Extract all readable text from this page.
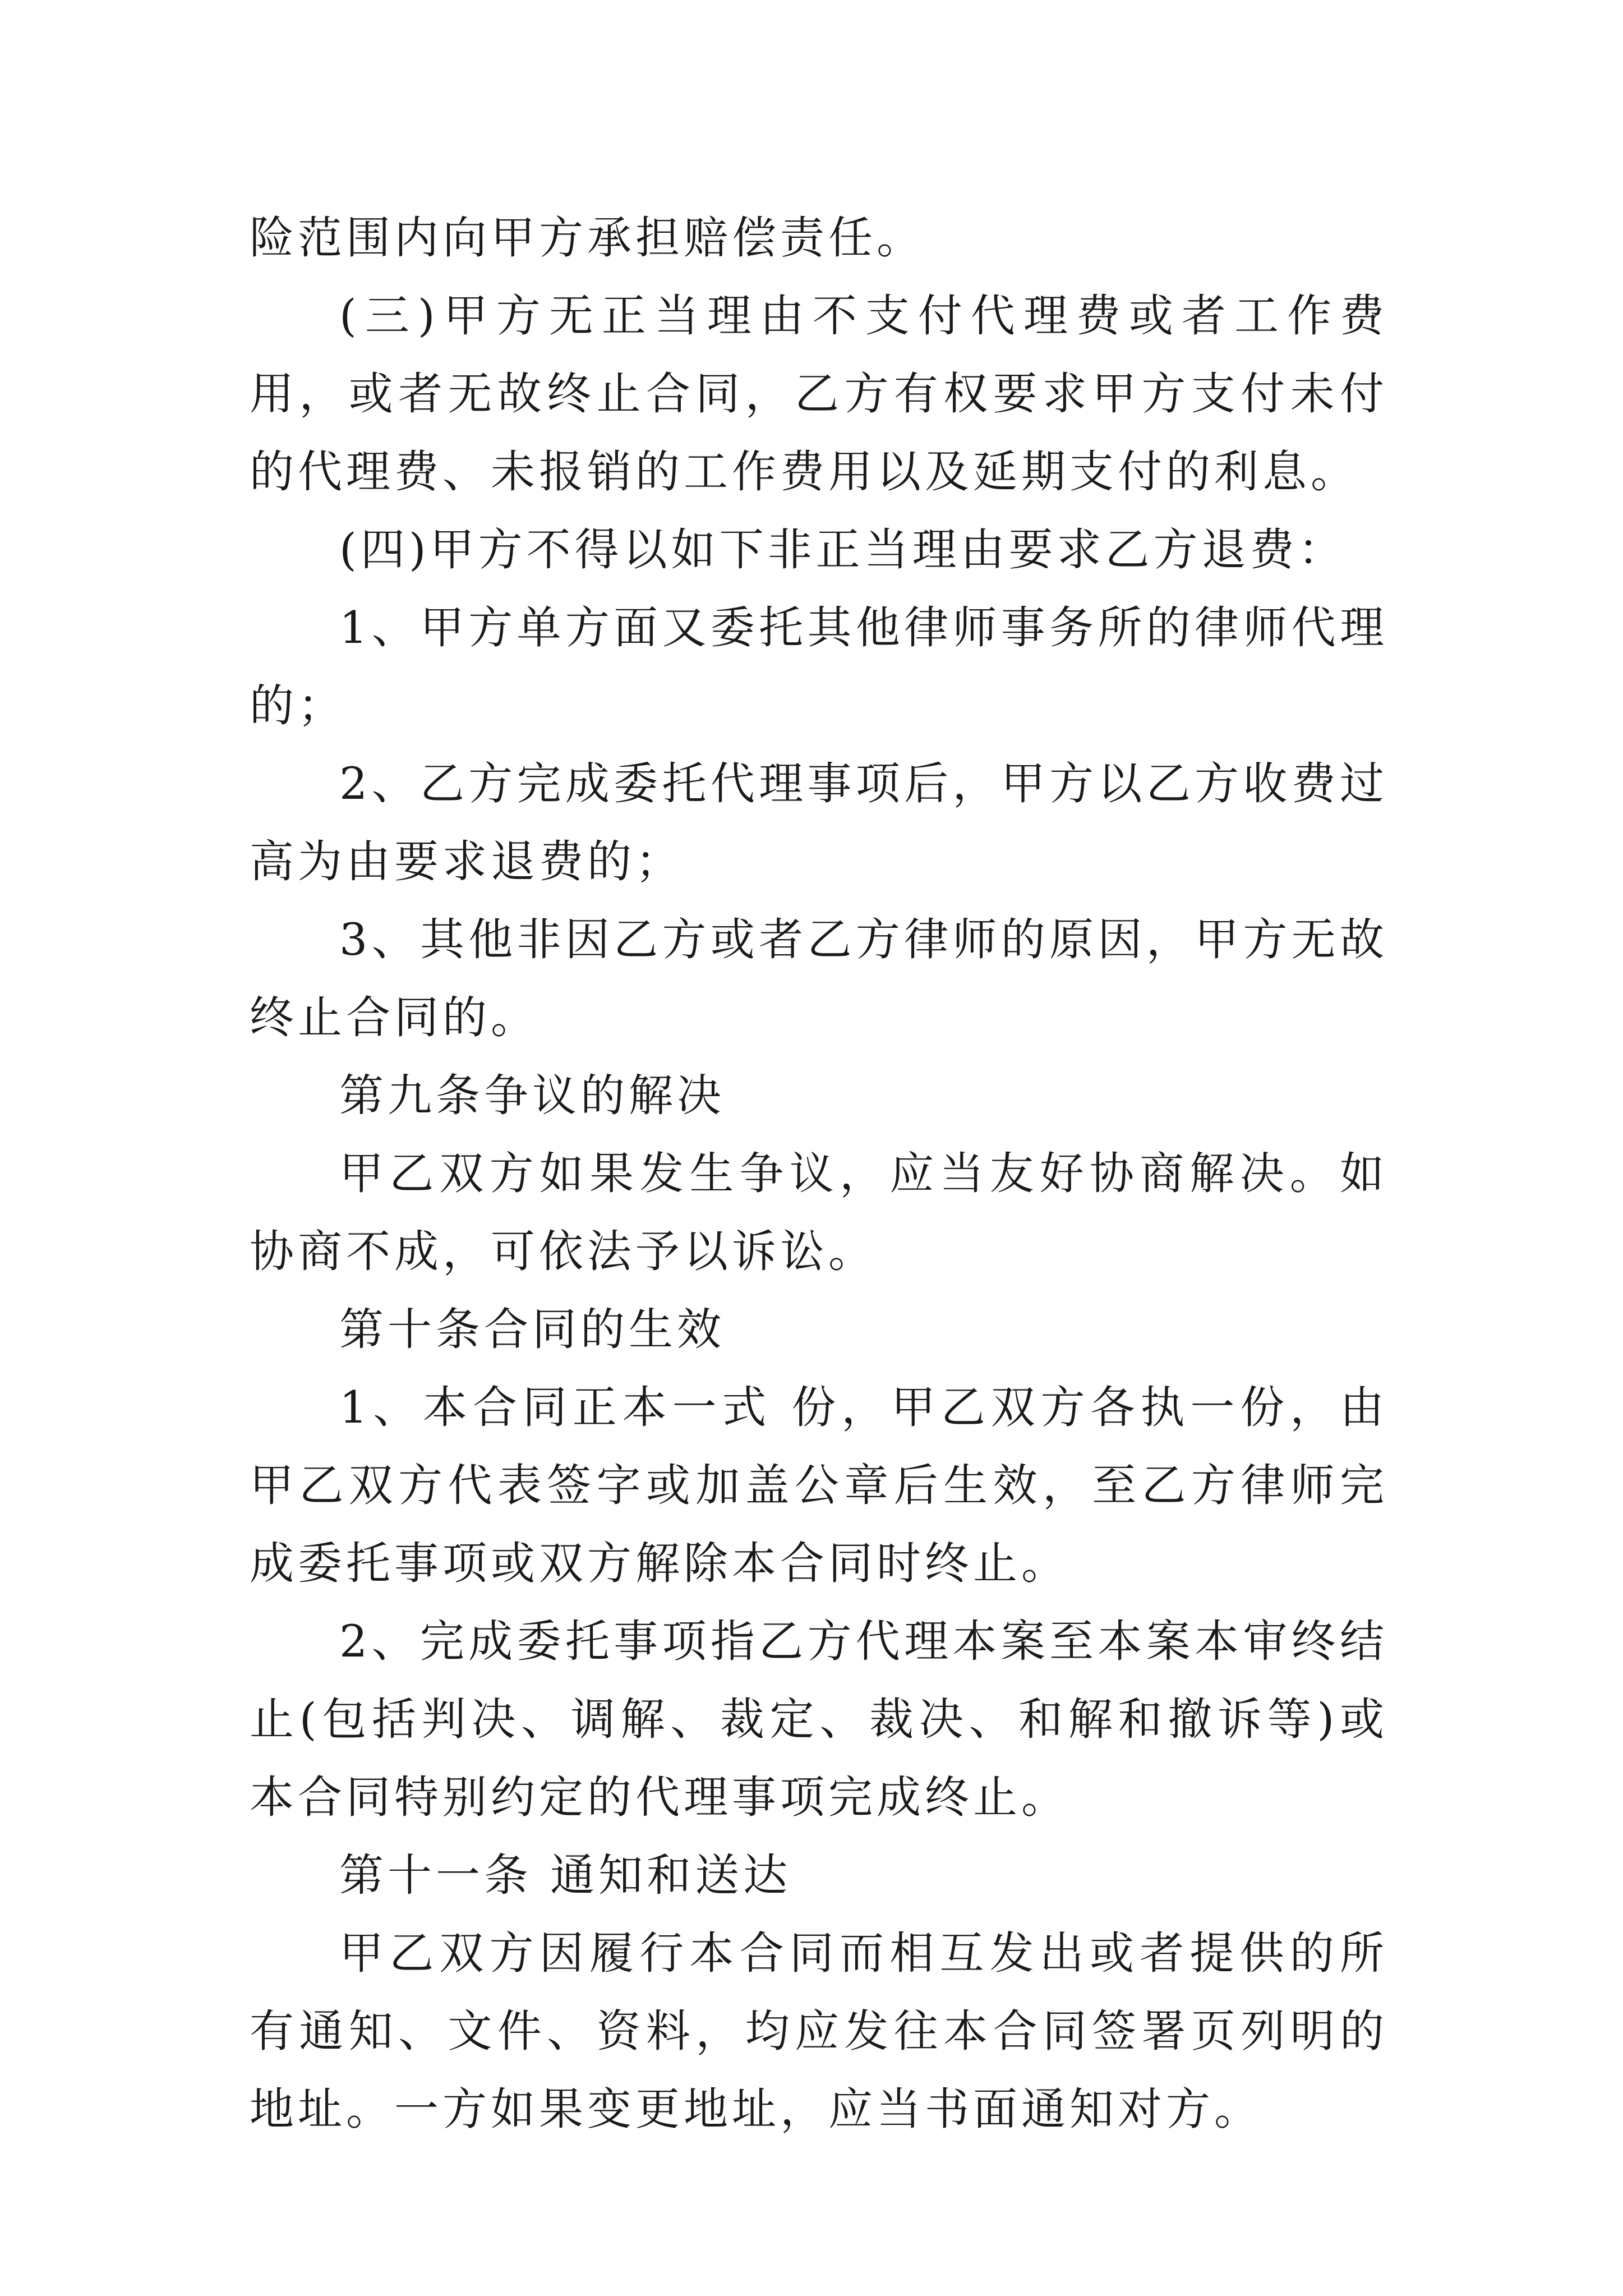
险范围内向甲方承担赔偿责任。

(三)甲方无正当理由不支付代理费或者工作费用，或者无故终止合同，乙方有权要求甲方支付未付的代理费、未报销的工作费用以及延期支付的利息。

(四)甲方不得以如下非正当理由要求乙方退费：

1、甲方单方面又委托其他律师事务所的律师代理的；

2、乙方完成委托代理事项后，甲方以乙方收费过高为由要求退费的；

3、其他非因乙方或者乙方律师的原因，甲方无故终止合同的。

第九条争议的解决

甲乙双方如果发生争议，应当友好协商解决。如协商不成，可依法予以诉讼。

第十条合同的生效

1、本合同正本一式 份，甲乙双方各执一份，由甲乙双方代表签字或加盖公章后生效，至乙方律师完成委托事项或双方解除本合同时终止。

2、完成委托事项指乙方代理本案至本案本审终结止(包括判决、调解、裁定、裁决、和解和撤诉等)或本合同特别约定的代理事项完成终止。

第十一条 通知和送达

甲乙双方因履行本合同而相互发出或者提供的所有通知、文件、资料，均应发往本合同签署页列明的地址。一方如果变更地址，应当书面通知对方。
